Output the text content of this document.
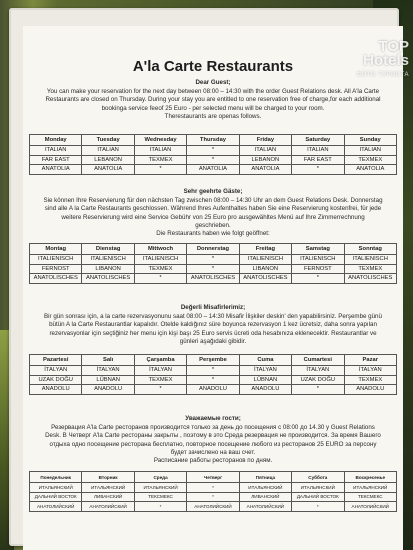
A'la Carte Restaurants
Dear Guest;
You can make your reservation for the next day between 08:00 – 14:30 with the order Guest Relations desk. All A'la Carte
Restaurants are closed on Thursday. During your stay you are entitled to one reservation free of charge,for each additional
bookinga service feeof 25 Euro - per selected menu will be charged to your room.
Therestaurants are openas follows.
Monday	Tuesday	Wednesday	Thursday	Friday	Saturday	Sunday
ITALIAN	ITALIAN	ITALIAN	*	ITALIAN	ITALIAN	ITALIAN
FAR EAST	LEBANON	TEXMEX	*	LEBANON	FAR EAST	TEXMEX
ANATOLIA	ANATOLIA	*	ANATOLIA	ANATOLIA	*	ANATOLIA
Sehr geehrte Gäste;
Sie können Ihre Reservierung für den nächsten Tag zwischen 08:00 – 14:30 Uhr an dem Guest Relations Desk. Donnerstag
sind alle A la Carte Restaurants geschlossen. Während Ihres Aufenthaltes haben Sie eine Reservierung kostenfrei, für jede
weitere Reservierung wird eine Service Gebühr von 25 Euro pro ausgewähltes Menü auf Ihre Zimmerrechnung
geschrieben.
Die Restaurants haben wie folgt geöffnet:
Montag	Dienstag	Mittwoch	Donnerstag	Freitag	Samstag	Sonntag
ITALIENISCH	ITALIENISCH	ITALIENISCH	*	ITALIENISCH	ITALIENISCH	ITALIENISCH
FERNOST	LIBANON	TEXMEX	*	LIBANON	FERNOST	TEXMEX
ANATOLISCHES	ANATOLISCHES	*	ANATOLISCHES	ANATOLISCHES	*	ANATOLISCHES
Değerli Misafirlerimiz;
Bir gün sonrası için, a la carte rezervasyonunu saat 08:00 – 14:30 Misafir İlişkiler deskin' den yapabilirsiniz. Perşembe günü
bütün A la Carte Restaurantlar kapalıdır. Otelde kaldığınız süre boyunca rezervasyon 1 kez ücretsiz, daha sonra yapılan
rezervasyonlar için seçtiğiniz her menu için kişi başı 25 Euro servis ücreti oda hesabınıza eklenecektir. Restaurantlar ve
günleri aşağıdaki gibidir.
Pazartesi	Salı	Çarşamba	Perşembe	Cuma	Cumartesi	Pazar
İTALYAN	İTALYAN	İTALYAN	*	İTALYAN	İTALYAN	İTALYAN
UZAK DOĞU	LÜBNAN	TEXMEX	*	LÜBNAN	UZAK DOĞU	TEXMEX
ANADOLU	ANADOLU	*	ANADOLU	ANADOLU	*	ANADOLU
Уважаемые гости;
Резервация A'la Carte ресторанов производится только за день до посещения с 08:00 до 14.30 у Guest Relations
Desk. В Четверг A'la Carte рестораны закрыты , поэтому в это Среда резервация не производится. За время Вашего
отдыха одно посещение ресторана бесплатно, повторное посещение любого из ресторанов 25 EURO за персону
будет зачислено на ваш счет.
Расписание работы ресторанов по дням.
Понедельник	Вторник	Среда	Четверг	Пятница	Суббота	Воскресенье
ИТАЛЬЯНСКИЙ	ИТАЛЬЯНСКИЙ	ИТАЛЬЯНСКИЙ	*	ИТАЛЬЯНСКИЙ	ИТАЛЬЯНСКИЙ	ИТАЛЬЯНСКИЙ
ДАЛЬНИЙ ВОСТОК	ЛИВАНСКИЙ	ТЕКСМЕКС	*	ЛИВАНСКИЙ	ДАЛЬНИЙ ВОСТОК	ТЕКСМЕКС
АНАТОЛИЙСКИЙ	АНАТОЛИЙСКИЙ	*	АНАТОЛИЙСКИЙ	АНАТОЛИЙСКИЙ	*	АНАТОЛИЙСКИЙ
TOP
Hotels
ФОТО ТУРИСТА
